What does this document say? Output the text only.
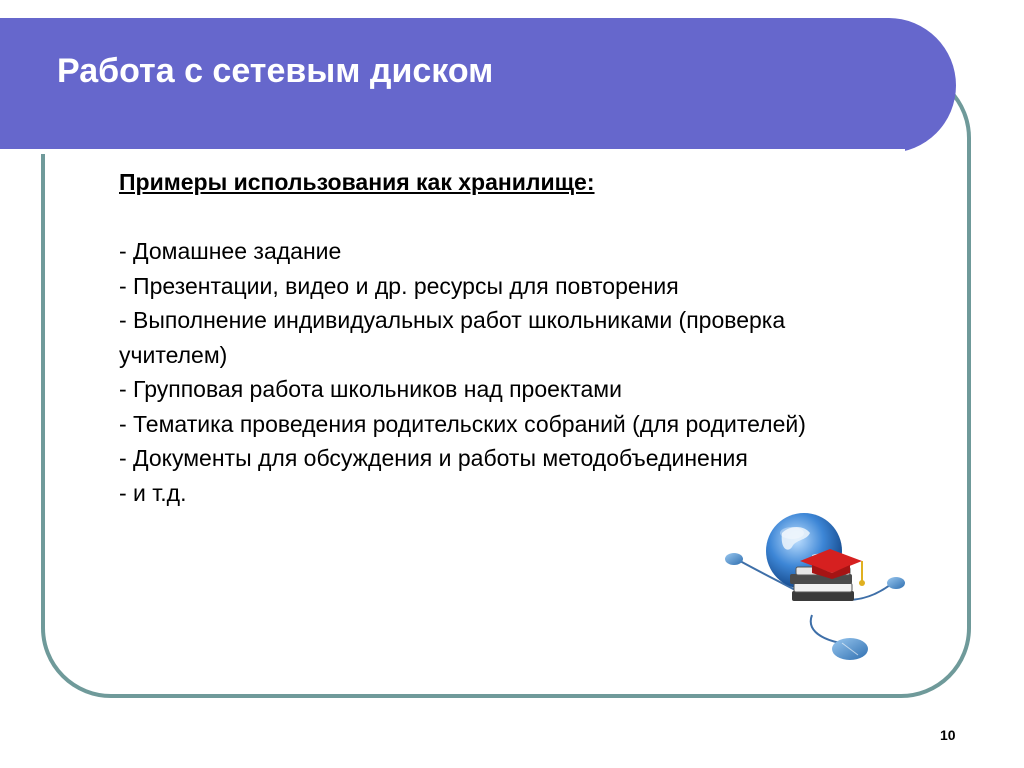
Работа с сетевым диском
Примеры использования как хранилище:
- Домашнее задание
- Презентации, видео и др. ресурсы для повторения
- Выполнение индивидуальных работ школьниками (проверка учителем)
- Групповая работа школьников над проектами
- Тематика проведения родительских собраний (для родителей)
- Документы для обсуждения и работы методобъединения
- и т.д.
10
